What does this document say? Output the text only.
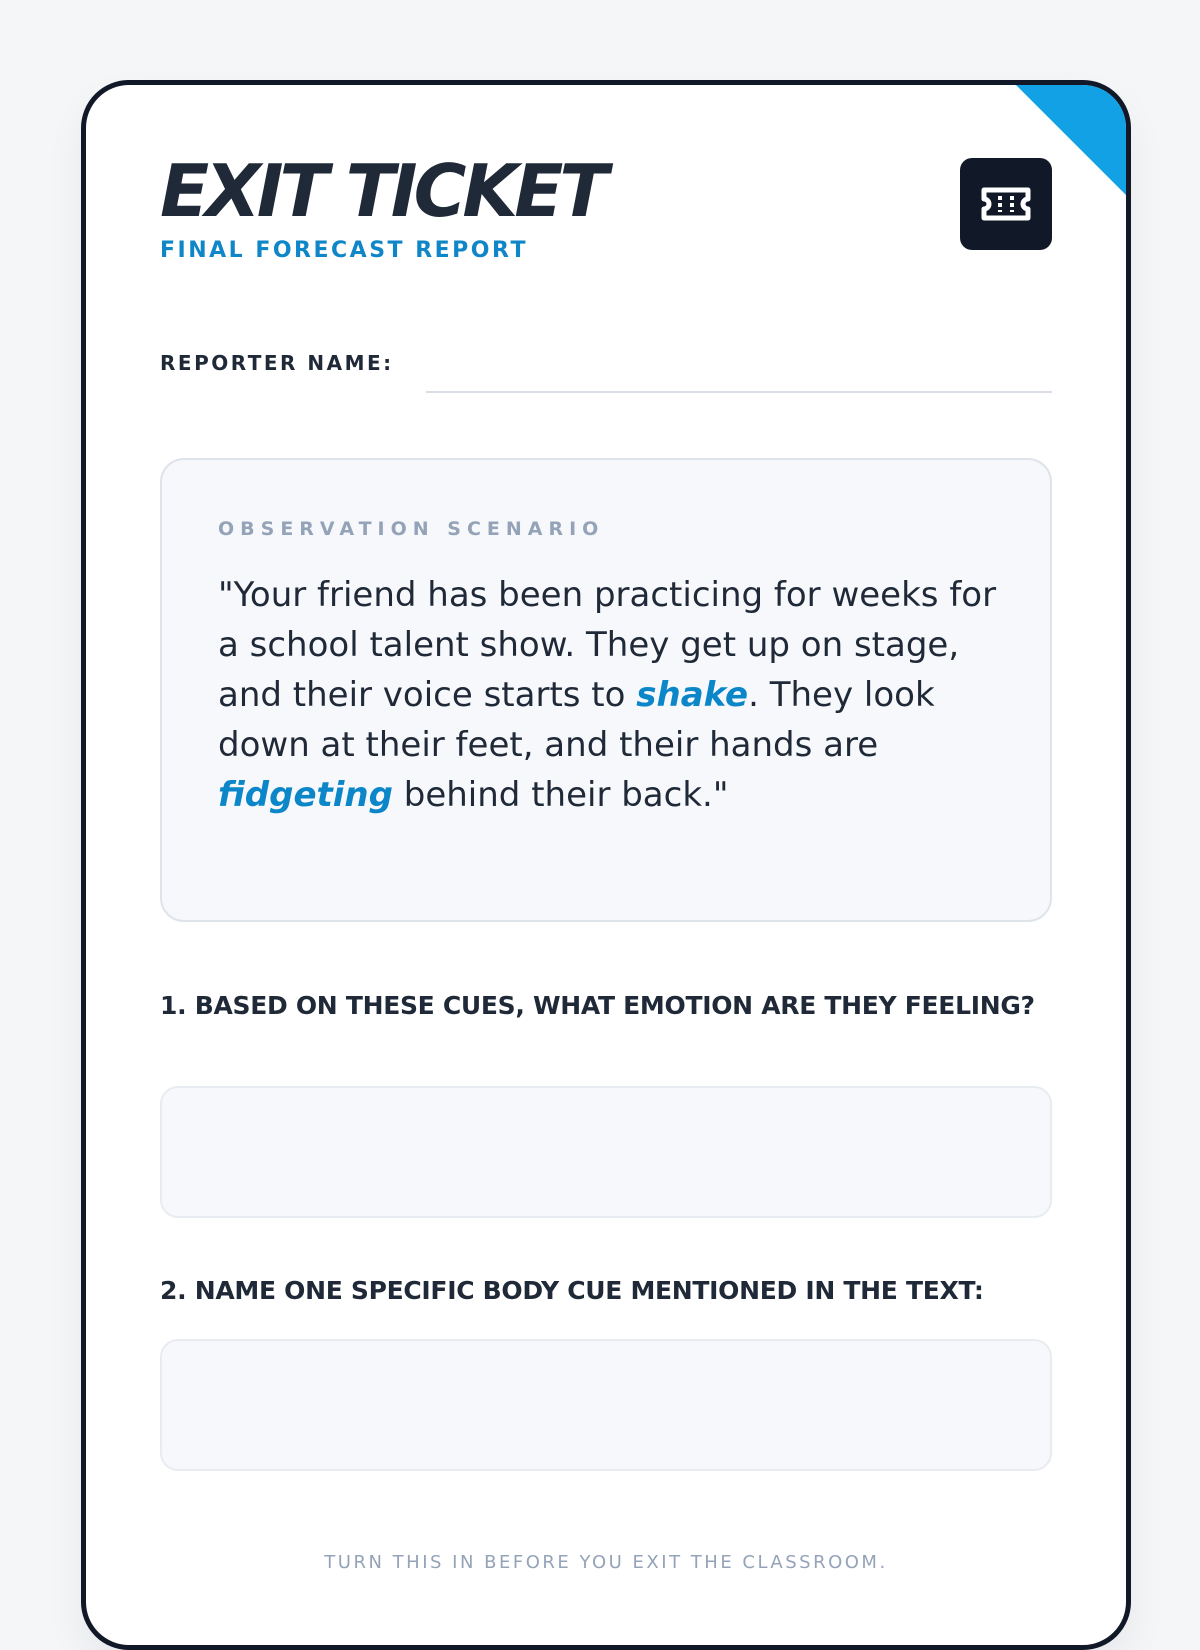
EXIT TICKET
FINAL FORECAST REPORT
REPORTER NAME:
OBSERVATION SCENARIO

"Your friend has been practicing for weeks for a school talent show. They get up on stage, and their voice starts to shake. They look down at their feet, and their hands are fidgeting behind their back."

1. BASED ON THESE CUES, WHAT EMOTION ARE THEY FEELING?
2. NAME ONE SPECIFIC BODY CUE MENTIONED IN THE TEXT:
TURN THIS IN BEFORE YOU EXIT THE CLASSROOM.
